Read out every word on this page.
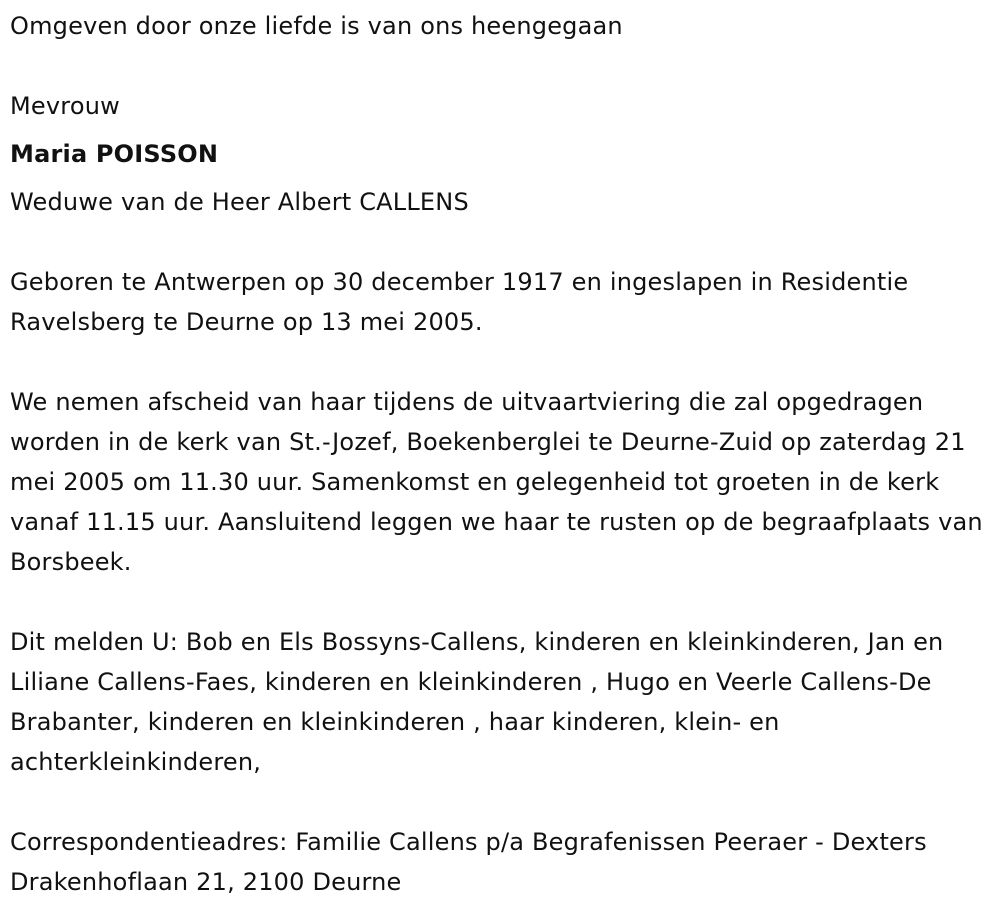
Omgeven door onze liefde is van ons heengegaan

Mevrouw

Maria POISSON

Weduwe van de Heer Albert CALLENS

Geboren te Antwerpen op 30 december 1917 en ingeslapen in Residentie Ravelsberg te Deurne op 13 mei 2005.

We nemen afscheid van haar tijdens de uitvaartviering die zal opgedragen worden in de kerk van St.-Jozef, Boekenberglei te Deurne-Zuid op zaterdag 21 mei 2005 om 11.30 uur. Samenkomst en gelegenheid tot groeten in de kerk vanaf 11.15 uur. Aansluitend leggen we haar te rusten op de begraafplaats van Borsbeek.

Dit melden U: Bob en Els Bossyns-Callens, kinderen en kleinkinderen, Jan en Liliane Callens-Faes, kinderen en kleinkinderen , Hugo en Veerle Callens-De Brabanter, kinderen en kleinkinderen , haar kinderen, klein- en achterkleinkinderen,

Correspondentieadres: Familie Callens p/a Begrafenissen Peeraer - Dexters Drakenhoflaan 21, 2100 Deurne
